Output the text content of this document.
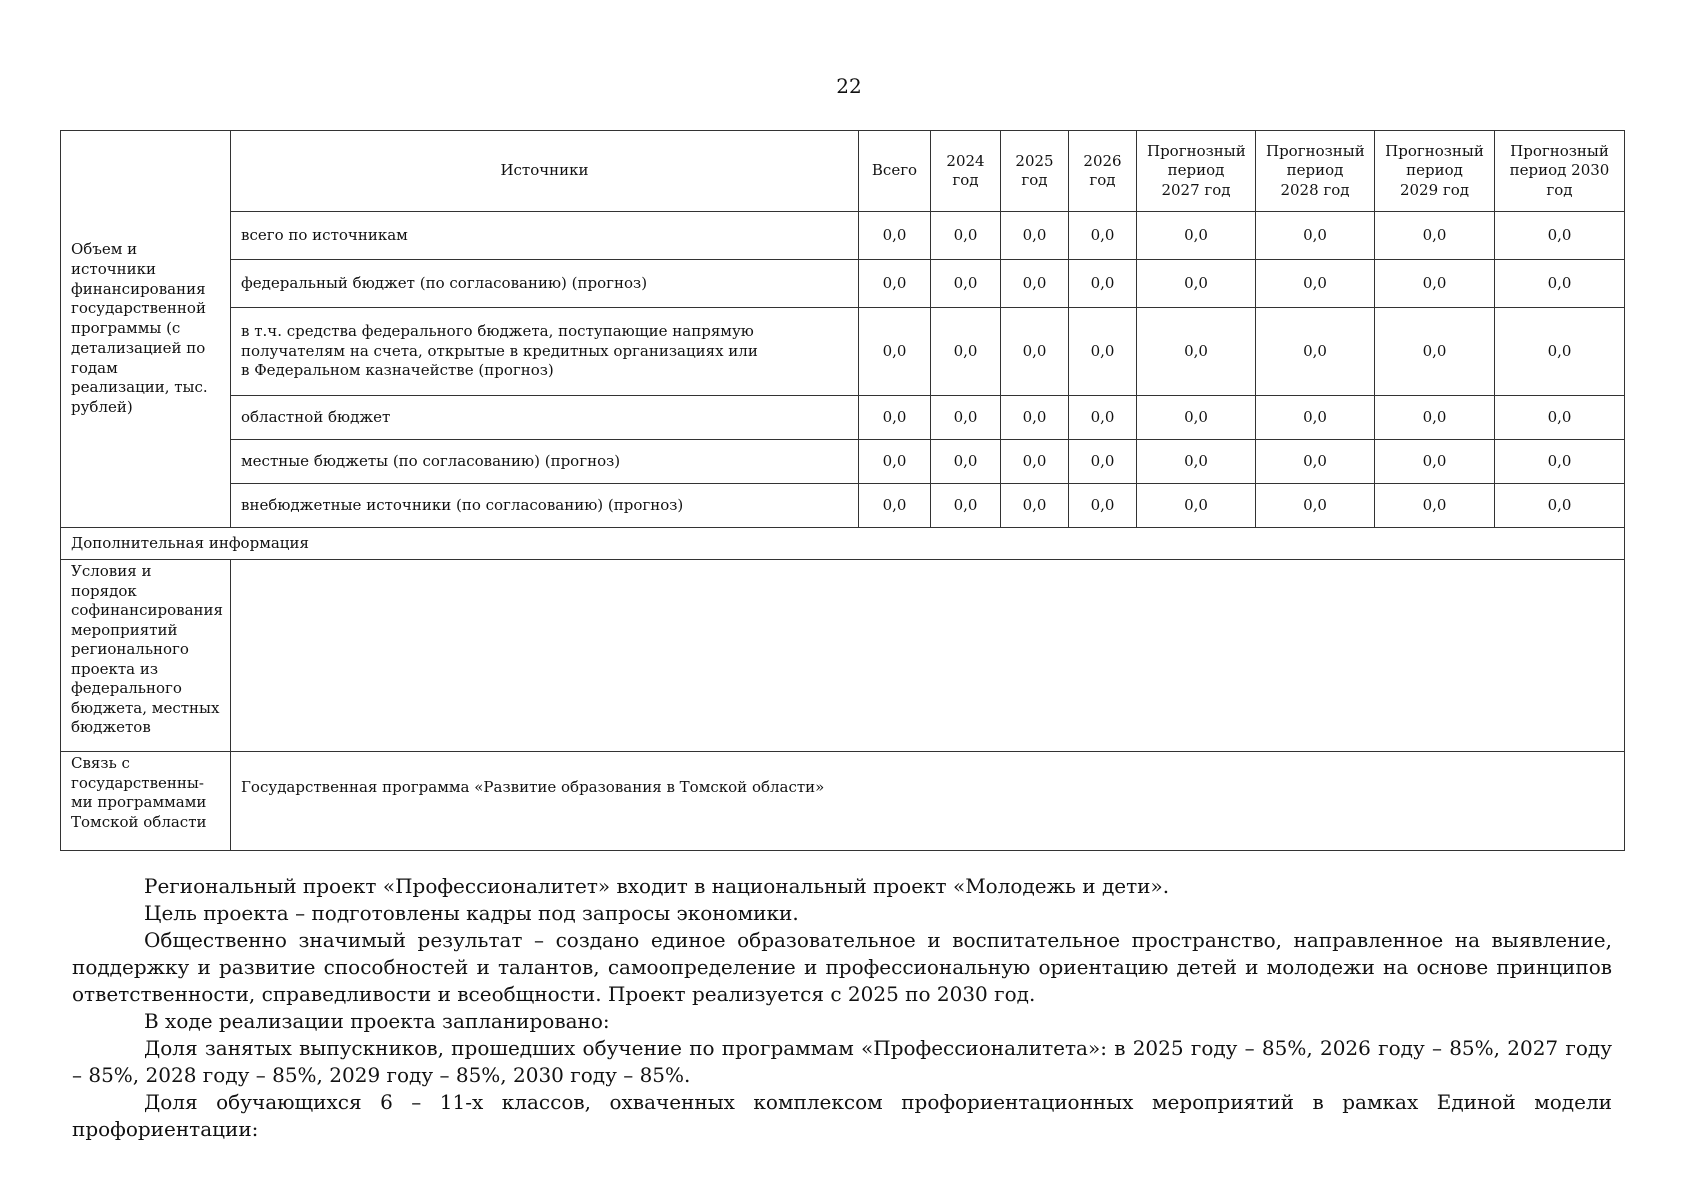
22
Объем и источники финансирования государственной программы (с детализацией по годам реализации, тыс. рублей)	Источники	Всего	2024 год	2025 год	2026 год	Прогнозный период 2027 год	Прогнозный период 2028 год	Прогнозный период 2029 год	Прогнозный период 2030 год
	всего по источникам	0,0	0,0	0,0	0,0	0,0	0,0	0,0	0,0
	федеральный бюджет (по согласованию) (прогноз)	0,0	0,0	0,0	0,0	0,0	0,0	0,0	0,0
	в т.ч. средства федерального бюджета, поступающие напрямую получателям на счета, открытые в кредитных организациях или в Федеральном казначействе (прогноз)	0,0	0,0	0,0	0,0	0,0	0,0	0,0	0,0
	областной бюджет	0,0	0,0	0,0	0,0	0,0	0,0	0,0	0,0
	местные бюджеты (по согласованию) (прогноз)	0,0	0,0	0,0	0,0	0,0	0,0	0,0	0,0
	внебюджетные источники (по согласованию) (прогноз)	0,0	0,0	0,0	0,0	0,0	0,0	0,0	0,0
Дополнительная информация									
Условия и порядок софинансирования мероприятий регионального проекта из федерального бюджета, местных бюджетов									
Связь с государственны-ми программами Томской области	Государственная программа «Развитие образования в Томской области»								

Региональный проект «Профессионалитет» входит в национальный проект «Молодежь и дети».

Цель проекта – подготовлены кадры под запросы экономики.

Общественно значимый результат – создано единое образовательное и воспитательное пространство, направленное на выявление, поддержку и развитие способностей и талантов, самоопределение и профессиональную ориентацию детей и молодежи на основе принципов ответственности, справедливости и всеобщности. Проект реализуется с 2025 по 2030 год.

В ходе реализации проекта запланировано:

Доля занятых выпускников, прошедших обучение по программам «Профессионалитета»: в 2025 году – 85%, 2026 году – 85%, 2027 году – 85%, 2028 году – 85%, 2029 году – 85%, 2030 году – 85%.

Доля обучающихся 6 – 11-х классов, охваченных комплексом профориентационных мероприятий в рамках Единой модели профориентации:
